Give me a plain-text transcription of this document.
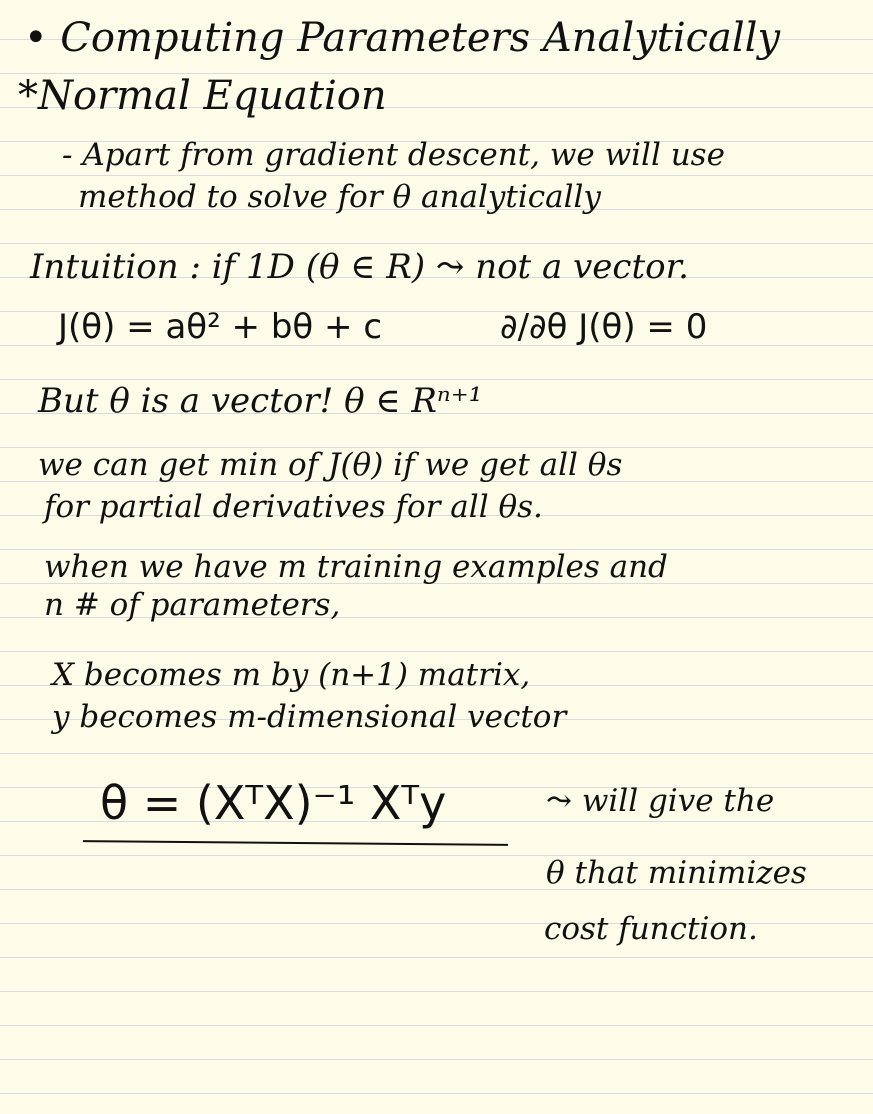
• Computing Parameters Analytically
*Normal Equation
- Apart from gradient descent, we will use
method to solve for θ analytically
Intuition : if 1D (θ ∈ R) ⤳ not a vector.
J(θ) = aθ² + bθ + c	∂/∂θ J(θ) = 0
But θ is a vector! θ ∈ Rⁿ⁺¹
we can get min of J(θ) if we get all θs
for partial derivatives for all θs.
when we have m training examples and
n # of parameters,
X becomes m by (n+1) matrix,
y becomes m-dimensional vector
θ = (XᵀX)⁻¹ Xᵀy	⤳ will give the
θ that minimizes
cost function.
